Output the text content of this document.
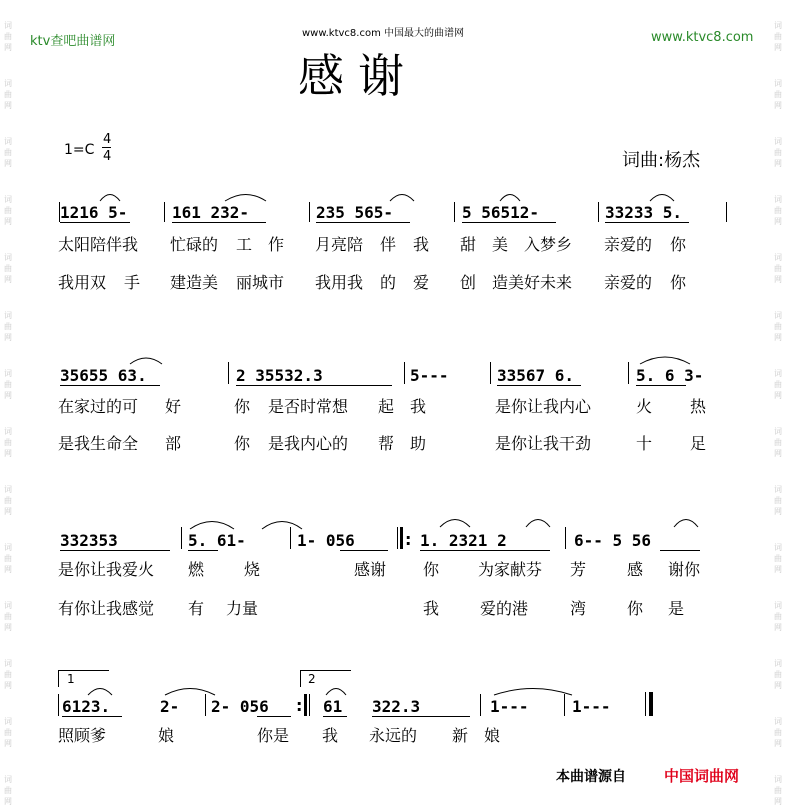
词曲网
词曲网
词曲网
词曲网
词曲网
词曲网
词曲网
词曲网
词曲网
词曲网
词曲网
词曲网
词曲网
词曲网
词曲网
词曲网
词曲网
词曲网
词曲网
词曲网
词曲网
词曲网
词曲网
词曲网
词曲网
词曲网
词曲网
词曲网
ktv查吧曲谱网
www.ktvc8.com 中国最大的曲谱网	www.ktvc8.com
感谢
1=C
4
4	词曲:杨杰
1216 5-	161 232-	235 565-	5 56512-	33233 5.
太阳陪伴我 忙碌的 工 作 月亮陪 伴 我 甜 美 入梦乡 亲爱的 你
我用双 手 建造美 丽城市 我用我 的 爱 创 造美好未来 亲爱的 你
35655 63.	2 35532.3	5---	33567 6.	5. 6 3-
在家过的可 好	你 是否时常想 起 我	是你让我内心	火 热
是我生命全 部	你 是我内心的 帮 助	是你让我干劲	十 足
332353	5. 61-	1- 056	: 1. 2321 2	6-- 5 56
是你让我爱火 燃 烧	感谢 你 为家献芬 芳	感 谢你
有你让我感觉 有 力量	我	爱的港	湾	你 是
1	2
6123.	2- 2- 056 : 61 322.3	1---	1---
照顾爹	娘	你是 我 永远的 新 娘
本曲谱源自	中国词曲网
